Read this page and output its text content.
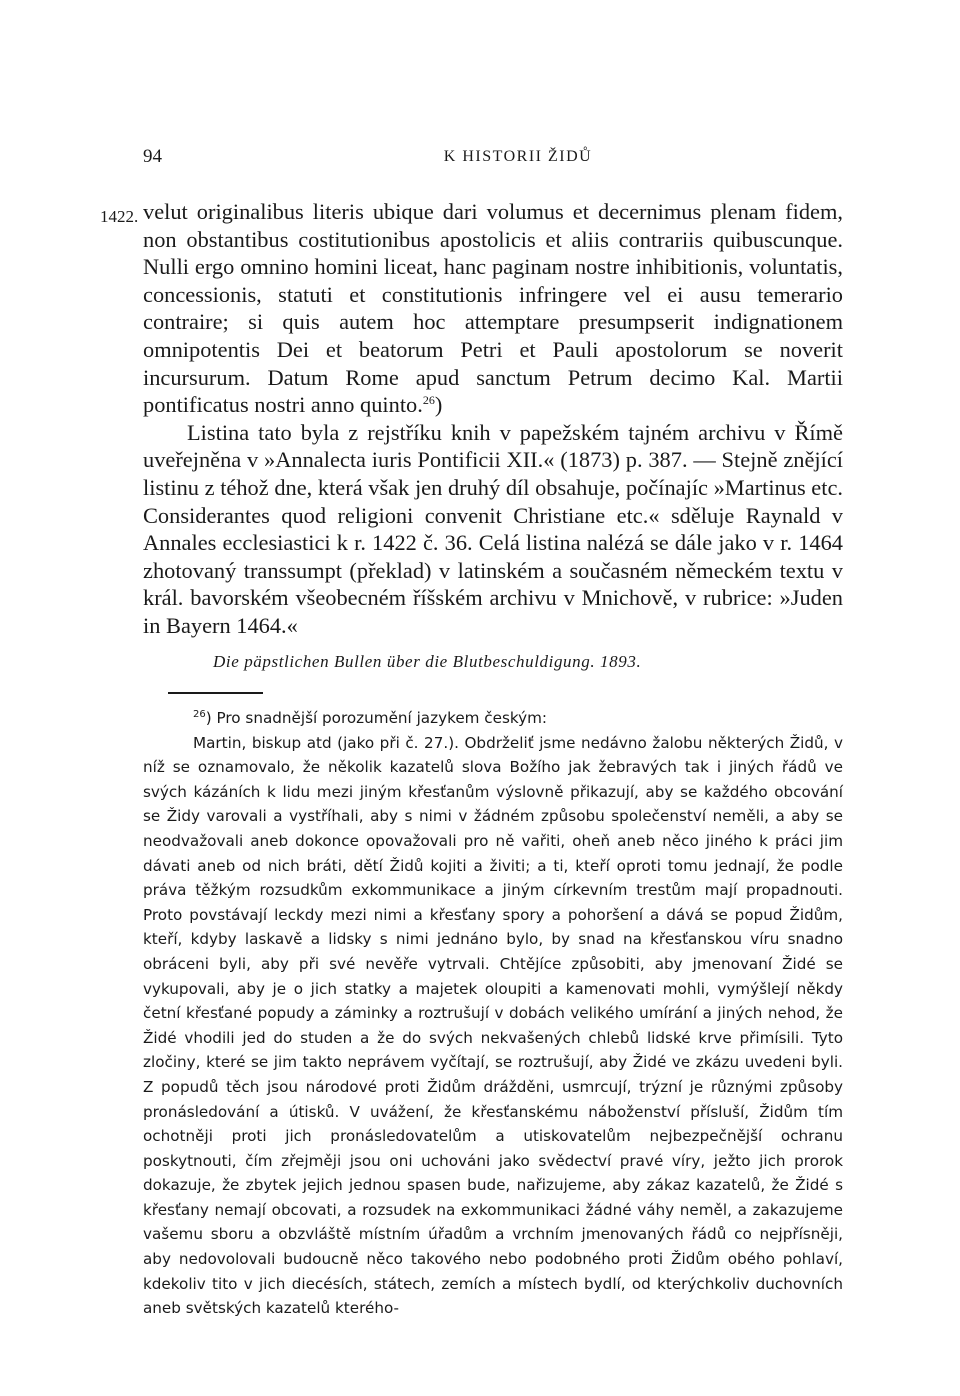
94	K HISTORII ŽIDŮ
1422. velut originalibus literis ubique dari volumus et decernimus plenam fidem, non obstantibus costitutionibus apostolicis et aliis contrariis quibuscunque. Nulli ergo omnino homini liceat, hanc paginam nostre inhibitionis, voluntatis, concessionis, statuti et constitutionis infringere vel ei ausu temerario contraire; si quis autem hoc attemptare presumpserit indignationem omnipotentis Dei et beatorum Petri et Pauli apostolorum se noverit incursurum. Datum Rome apud sanctum Petrum decimo Kal. Martii pontificatus nostri anno quinto.$^{26}$)

Listina tato byla z rejstříku knih v papežském tajném archivu v Římě uveřejněna v »Annalecta iuris Pontificii XII.« (1873) p. 387. — Stejně znějící listinu z téhož dne, která však jen druhý díl obsahuje, počínajíc »Martinus etc. Considerantes quod religioni convenit Christiane etc.« sděluje Raynald v Annales ecclesiastici k r. 1422 č. 36. Celá listina nalézá se dále jako v r. 1464 zhotovaný transsumpt (překlad) v latinském a současném německém textu v král. bavorském všeobecném říšském archivu v Mnichově, v rubrice: »Juden in Bayern 1464.«

Die päpstlichen Bullen über die Blutbeschuldigung. 1893.

$^{26}$) Pro snadnější porozumění jazykem českým:

Martin, biskup atd (jako při č. 27.). Obdrželiť jsme nedávno žalobu některých Židů, v níž se oznamovalo, že několik kazatelů slova Božího jak žebravých tak i jiných řádů ve svých kázáních k lidu mezi jiným křesťanům výslovně přikazují, aby se každého obcování se Židy varovali a vystříhali, aby s nimi v žádném způsobu společenství neměli, a aby se neodvažovali aneb dokonce opovažovali pro ně vařiti, oheň aneb něco jiného k práci jim dávati aneb od nich bráti, dětí Židů kojiti a živiti; a ti, kteří oproti tomu jednají, že podle práva těžkým rozsudkům exkommunikace a jiným církevním trestům mají propadnouti. Proto povstávají leckdy mezi nimi a křesťany spory a pohoršení a dává se popud Židům, kteří, kdyby laskavě a lidsky s nimi jednáno bylo, by snad na křesťanskou víru snadno obráceni byli, aby při své nevěře vytrvali. Chtějíce způsobiti, aby jmenovaní Židé se vykupovali, aby je o jich statky a majetek oloupiti a kamenovati mohli, vymýšlejí někdy četní křesťané popudy a záminky a roztrušují v dobách velikého umírání a jiných nehod, že Židé vhodili jed do studen a že do svých nekvašených chlebů lidské krve přimísili. Tyto zločiny, které se jim takto neprávem vyčítají, se roztrušují, aby Židé ve zkázu uvedeni byli. Z popudů těch jsou národové proti Židům drážděni, usmrcují, trýzní je různými způsoby pronásledování a útisků. V uvážení, že křesťanskému náboženství přísluší, Židům tím ochotněji proti jich pronásledovatelům a utiskovatelům nejbezpečnější ochranu poskytnouti, čím zřejměji jsou oni uchováni jako svědectví pravé víry, ježto jich prorok dokazuje, že zbytek jejich jednou spasen bude, nařizujeme, aby zákaz kazatelů, že Židé s křesťany nemají obcovati, a rozsudek na exkommunikaci žádné váhy neměl, a zakazujeme vašemu sboru a obzvláště místním úřadům a vrchním jmenovaných řádů co nejpřísněji, aby nedovolovali budoucně něco takového nebo podobného proti Židům obého pohlaví, kdekoliv tito v jich diecésích, státech, zemích a místech bydlí, od kterýchkoliv duchovních aneb světských kazatelů kterého-
